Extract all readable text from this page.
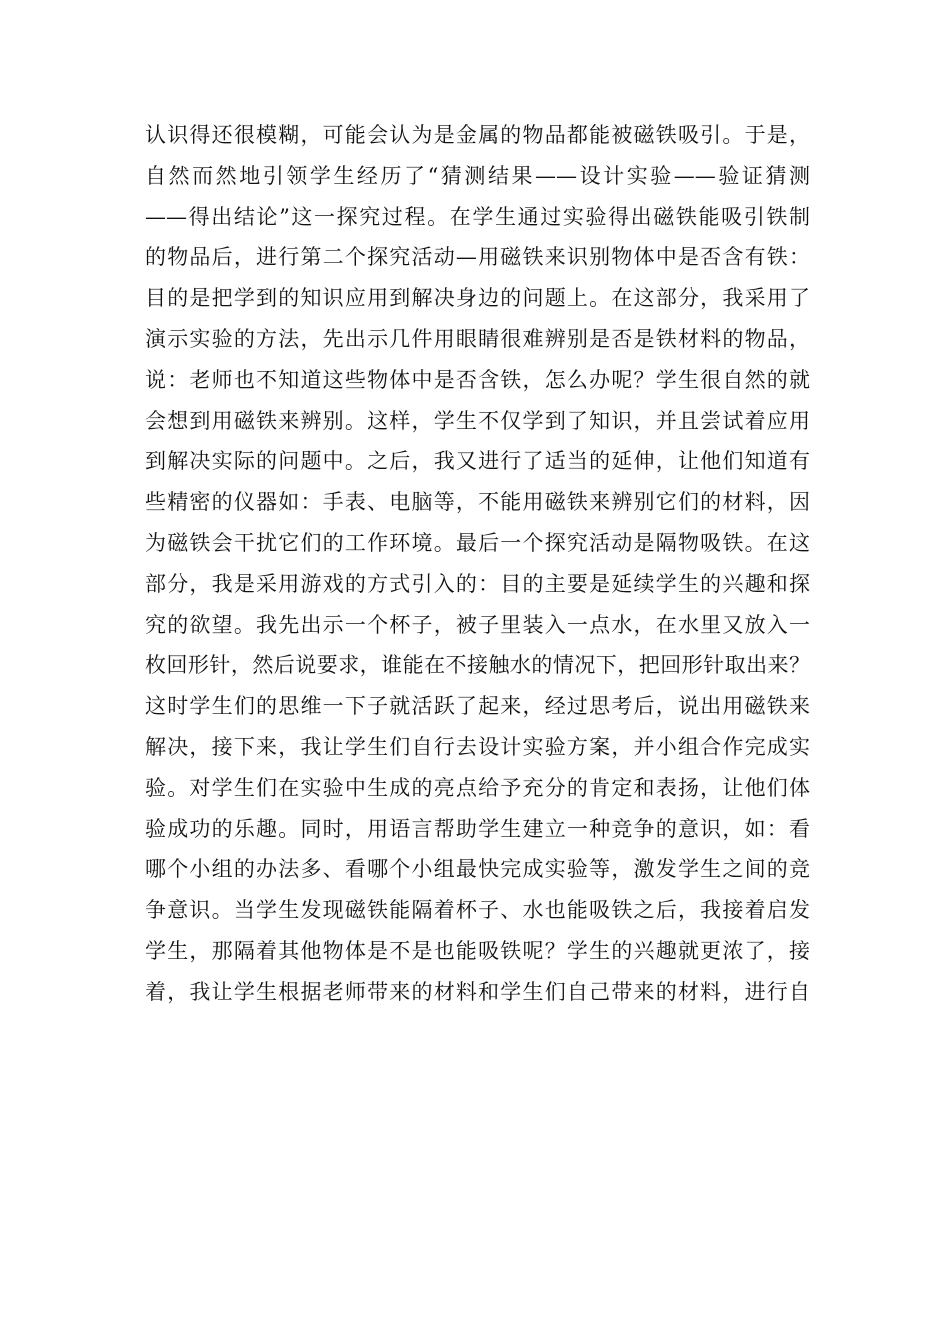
认识得还很模糊，可能会认为是金属的物品都能被磁铁吸引。于是，
自然而然地引领学生经历了“猜测结果——设计实验——验证猜测
——得出结论”这一探究过程。在学生通过实验得出磁铁能吸引铁制
的物品后，进行第二个探究活动—用磁铁来识别物体中是否含有铁：
目的是把学到的知识应用到解决身边的问题上。在这部分，我采用了
演示实验的方法，先出示几件用眼睛很难辨别是否是铁材料的物品，
说：老师也不知道这些物体中是否含铁，怎么办呢？学生很自然的就
会想到用磁铁来辨别。这样，学生不仅学到了知识，并且尝试着应用
到解决实际的问题中。之后，我又进行了适当的延伸，让他们知道有
些精密的仪器如：手表、电脑等，不能用磁铁来辨别它们的材料，因
为磁铁会干扰它们的工作环境。最后一个探究活动是隔物吸铁。在这
部分，我是采用游戏的方式引入的：目的主要是延续学生的兴趣和探
究的欲望。我先出示一个杯子，被子里装入一点水，在水里又放入一
枚回形针，然后说要求，谁能在不接触水的情况下，把回形针取出来？
这时学生们的思维一下子就活跃了起来，经过思考后，说出用磁铁来
解决，接下来，我让学生们自行去设计实验方案，并小组合作完成实
验。对学生们在实验中生成的亮点给予充分的肯定和表扬，让他们体
验成功的乐趣。同时，用语言帮助学生建立一种竞争的意识，如：看
哪个小组的办法多、看哪个小组最快完成实验等，激发学生之间的竞
争意识。当学生发现磁铁能隔着杯子、水也能吸铁之后，我接着启发
学生，那隔着其他物体是不是也能吸铁呢？学生的兴趣就更浓了，接
着，我让学生根据老师带来的材料和学生们自己带来的材料，进行自
